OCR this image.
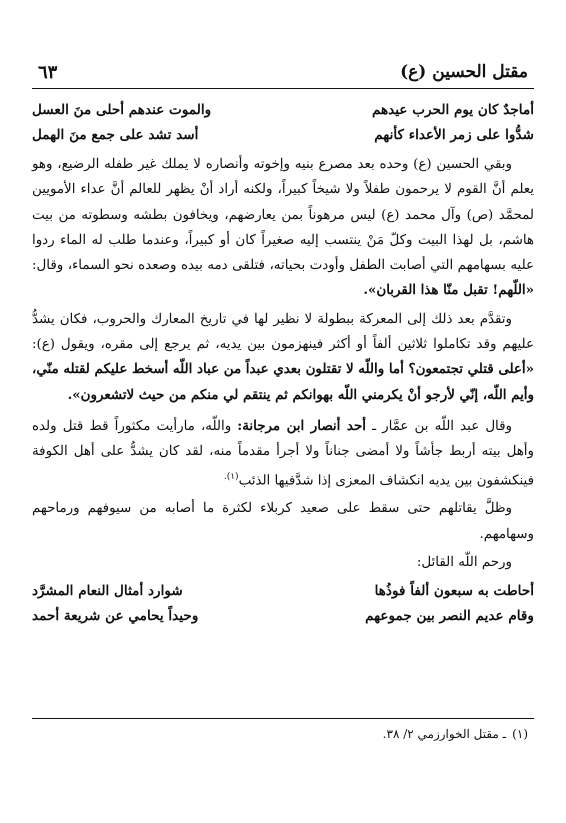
مقتل الحسين (ع)
٦٣
أماجدٌ كان يوم الحرب عيدهم
والموت عندهم أحلى منَ العسل
شدُّوا على زمر الأعداء كأنهم
أسد تشد على جمع منَ الهمل

وبقي الحسين (ع) وحده بعد مصرع بنيه وإخوته وأنصاره لا يملك غير طفله الرضيع، وهو يعلم أنَّ القوم لا يرحمون طفلاً ولا شيخاً كبيراً، ولكنه أراد أنْ يظهر للعالم أنَّ عداء الأمويين لمحمَّد (ص) وآل محمد (ع) ليس مرهوناً بمن يعارضهم، ويخافون بطشه وسطوته من بيت هاشم، بل لهذا البيت وكلّ مَنْ ينتسب إليه صغيراً كان أو كبيراً، وعندما طلب له الماء ردوا عليه بسهامهم التي أصابت الطفل وأودت بحياته، فتلقى دمه بيده وصعده نحو السماء، وقال: «اللّهم! تقبل منّا هذا القربان».

وتقدَّم بعد ذلك إلى المعركة ببطولة لا نظير لها في تاريخ المعارك والحروب، فكان يشدُّ عليهم وقد تكاملوا ثلاثين ألفاً أو أكثر فينهزمون بين يديه، ثم يرجع إلى مقره، ويقول (ع): «أعلى قتلي تجتمعون؟ أما واللّه لا تقتلون بعدي عبداً من عباد اللّه أسخط عليكم لقتله منّي، وأيم اللّه، إنّي لأرجو أنْ يكرمني اللّه بهوانكم ثم ينتقم لي منكم من حيث لاتشعرون».

وقال عبد اللّه بن عمَّار ـ أحد أنصار ابن مرجانة: واللّه، مارأيت مكثوراً قط قتل ولده وأهل بيته أربط جأشاً ولا أمضى جناناً ولا أجرأ مقدماً منه، لقد كان يشدُّ على أهل الكوفة فينكشفون بين يديه انكشاف المعزى إذا شدَّفيها الذئب$^{(١).}$

وظلَّ يقاتلهم حتى سقط على صعيد كربلاء لكثرة ما أصابه من سيوفهم ورماحهم وسهامهم.

ورحم اللّه القائل:

أحاطت به سبعون ألفاً فوذُها
شوارد أمثال النعام المشرَّد
وقام عديم النصر بين جموعهم
وحيداً يحامي عن شريعة أحمد
(١)ـ مقتل الخوارزمي ٢/ ٣٨.
